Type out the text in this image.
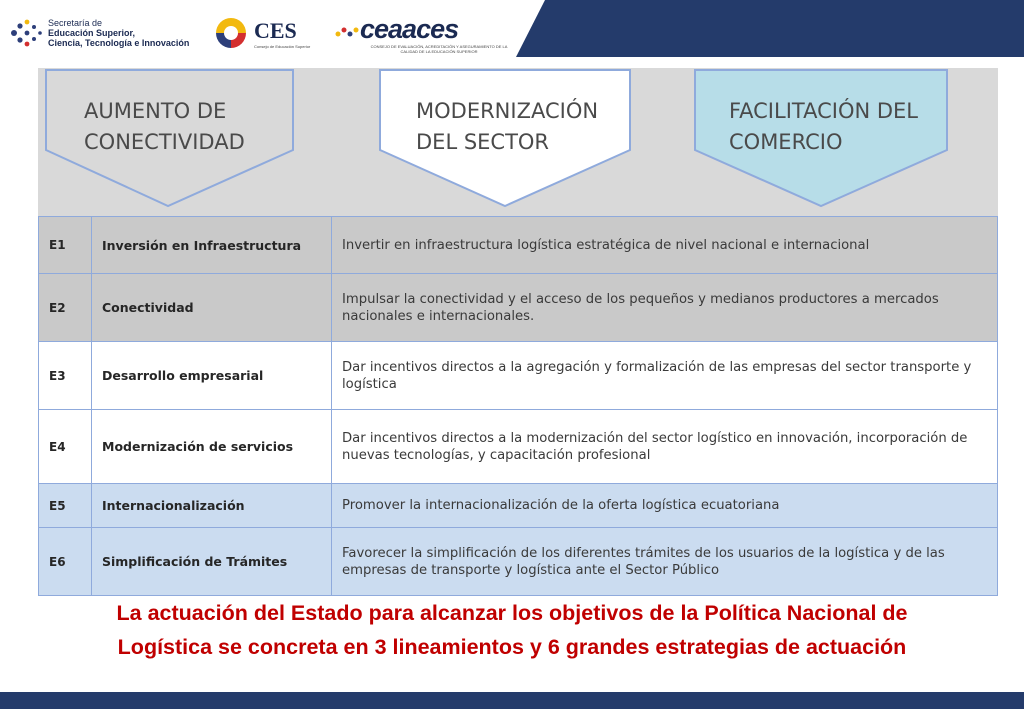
Secretaría de
Educación Superior,
Ciencia, Tecnología e Innovación	CES
Consejo de Educación Superior
ceaaces
CONSEJO DE EVALUACIÓN, ACREDITACIÓN Y ASEGURAMIENTO DE LA CALIDAD DE LA EDUCACIÓN SUPERIOR
AUMENTO DE
CONECTIVIDAD
MODERNIZACIÓN
DEL SECTOR
FACILITACIÓN DEL
COMERCIO
E1	Inversión en Infraestructura	Invertir en infraestructura logística estratégica de nivel nacional e internacional
E2	Conectividad	Impulsar la conectividad y el acceso de los pequeños y medianos productores a mercados nacionales e internacionales.
E3	Desarrollo empresarial	Dar incentivos directos a la agregación y formalización de las empresas del sector transporte y logística
E4	Modernización de servicios	Dar incentivos directos a la modernización del sector logístico en innovación, incorporación de nuevas tecnologías, y capacitación profesional
E5	Internacionalización	Promover la internacionalización de la oferta logística ecuatoriana
E6	Simplificación de Trámites	Favorecer la simplificación de los diferentes trámites de los usuarios de la logística y de las empresas de transporte y logística ante el Sector Público
La actuación del Estado para alcanzar los objetivos de la Política Nacional de
Logística se concreta en 3 lineamientos y 6 grandes estrategias de actuación
